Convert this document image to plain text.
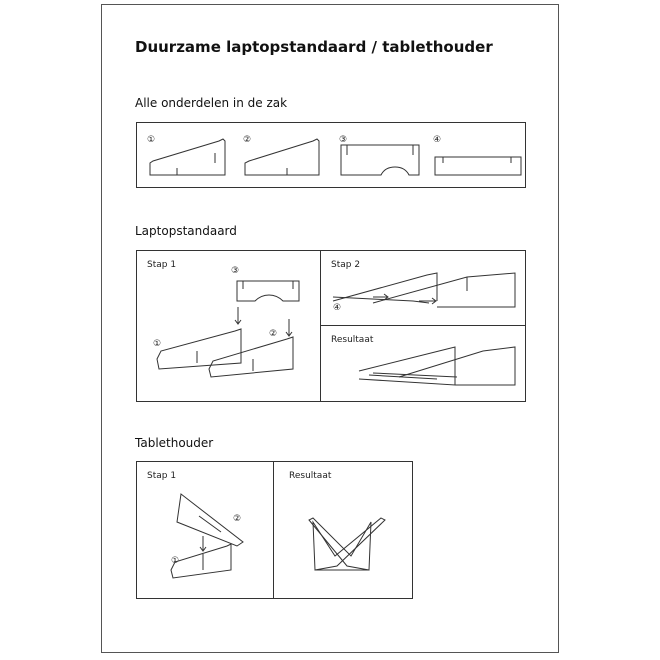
Duurzame laptopstandaard / tablethouder
Alle onderdelen in de zak
①	②	③	④
Laptopstandaard
Stap 1	Stap 2
Resultaat
③
①
②
④
Tablethouder
Stap 1	Resultaat
②
①
